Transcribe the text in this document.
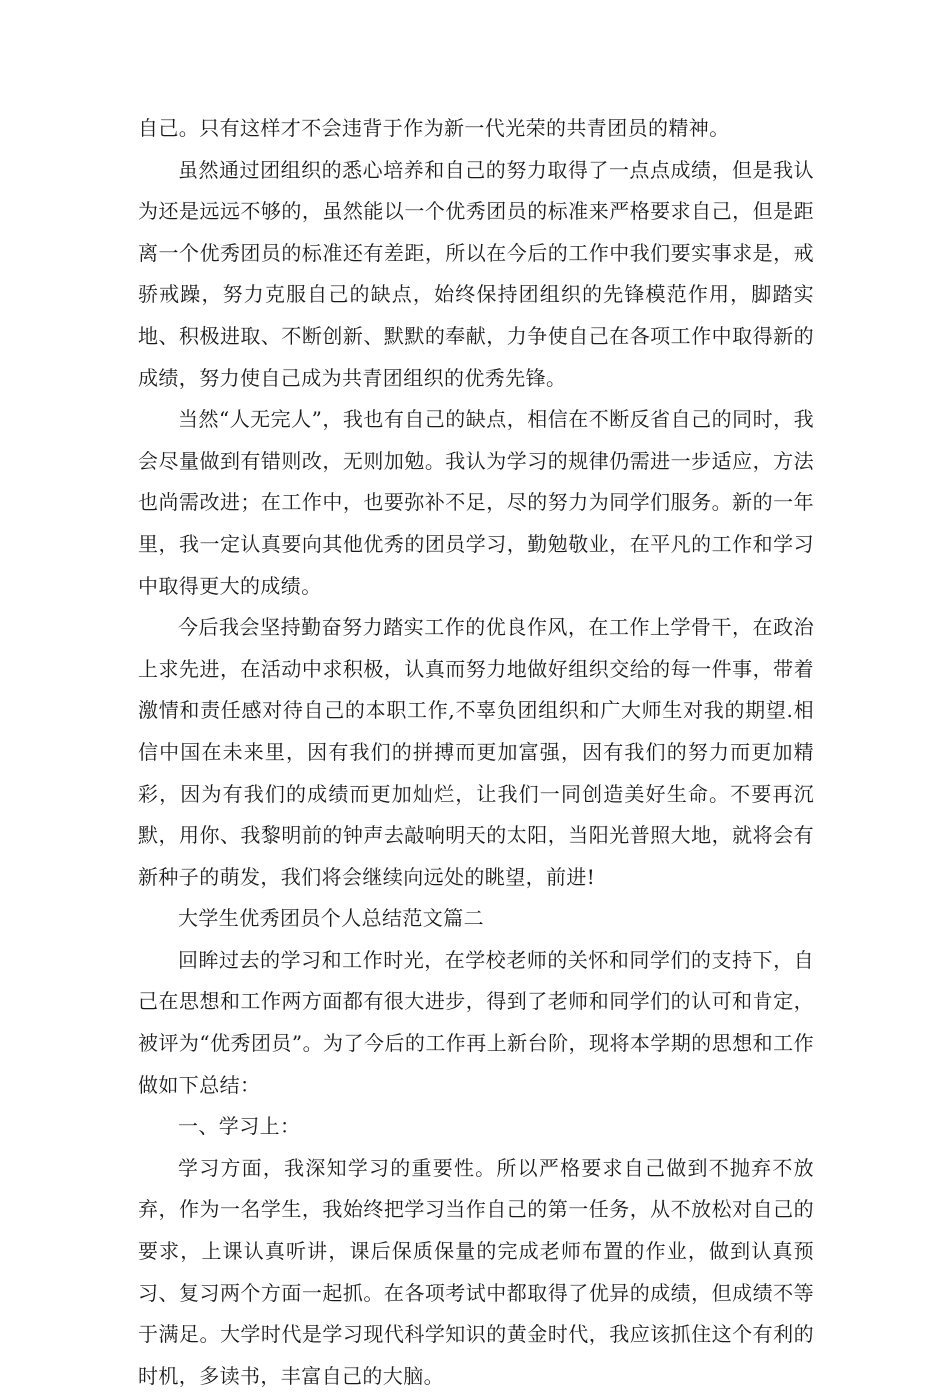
自己。只有这样才不会违背于作为新一代光荣的共青团员的精神。

虽然通过团组织的悉心培养和自己的努力取得了一点点成绩，但是我认为还是远远不够的，虽然能以一个优秀团员的标准来严格要求自己，但是距离一个优秀团员的标准还有差距，所以在今后的工作中我们要实事求是，戒骄戒躁，努力克服自己的缺点，始终保持团组织的先锋模范作用，脚踏实地、积极进取、不断创新、默默的奉献，力争使自己在各项工作中取得新的成绩，努力使自己成为共青团组织的优秀先锋。

当然“人无完人”，我也有自己的缺点，相信在不断反省自己的同时，我会尽量做到有错则改，无则加勉。我认为学习的规律仍需进一步适应，方法也尚需改进；在工作中，也要弥补不足，尽的努力为同学们服务。新的一年里，我一定认真要向其他优秀的团员学习，勤勉敬业，在平凡的工作和学习中取得更大的成绩。

今后我会坚持勤奋努力踏实工作的优良作风，在工作上学骨干，在政治上求先进，在活动中求积极，认真而努力地做好组织交给的每一件事，带着激情和责任感对待自己的本职工作,不辜负团组织和广大师生对我的期望.相信中国在未来里，因有我们的拼搏而更加富强，因有我们的努力而更加精彩，因为有我们的成绩而更加灿烂，让我们一同创造美好生命。不要再沉默，用你、我黎明前的钟声去敲响明天的太阳，当阳光普照大地，就将会有新种子的萌发，我们将会继续向远处的眺望，前进!

大学生优秀团员个人总结范文篇二

回眸过去的学习和工作时光，在学校老师的关怀和同学们的支持下，自己在思想和工作两方面都有很大进步，得到了老师和同学们的认可和肯定，被评为“优秀团员”。为了今后的工作再上新台阶，现将本学期的思想和工作做如下总结：

一、学习上：

学习方面，我深知学习的重要性。所以严格要求自己做到不抛弃不放弃，作为一名学生，我始终把学习当作自己的第一任务，从不放松对自己的要求，上课认真听讲，课后保质保量的完成老师布置的作业，做到认真预习、复习两个方面一起抓。在各项考试中都取得了优异的成绩，但成绩不等于满足。大学时代是学习现代科学知识的黄金时代，我应该抓住这个有利的时机，多读书，丰富自己的大脑。
